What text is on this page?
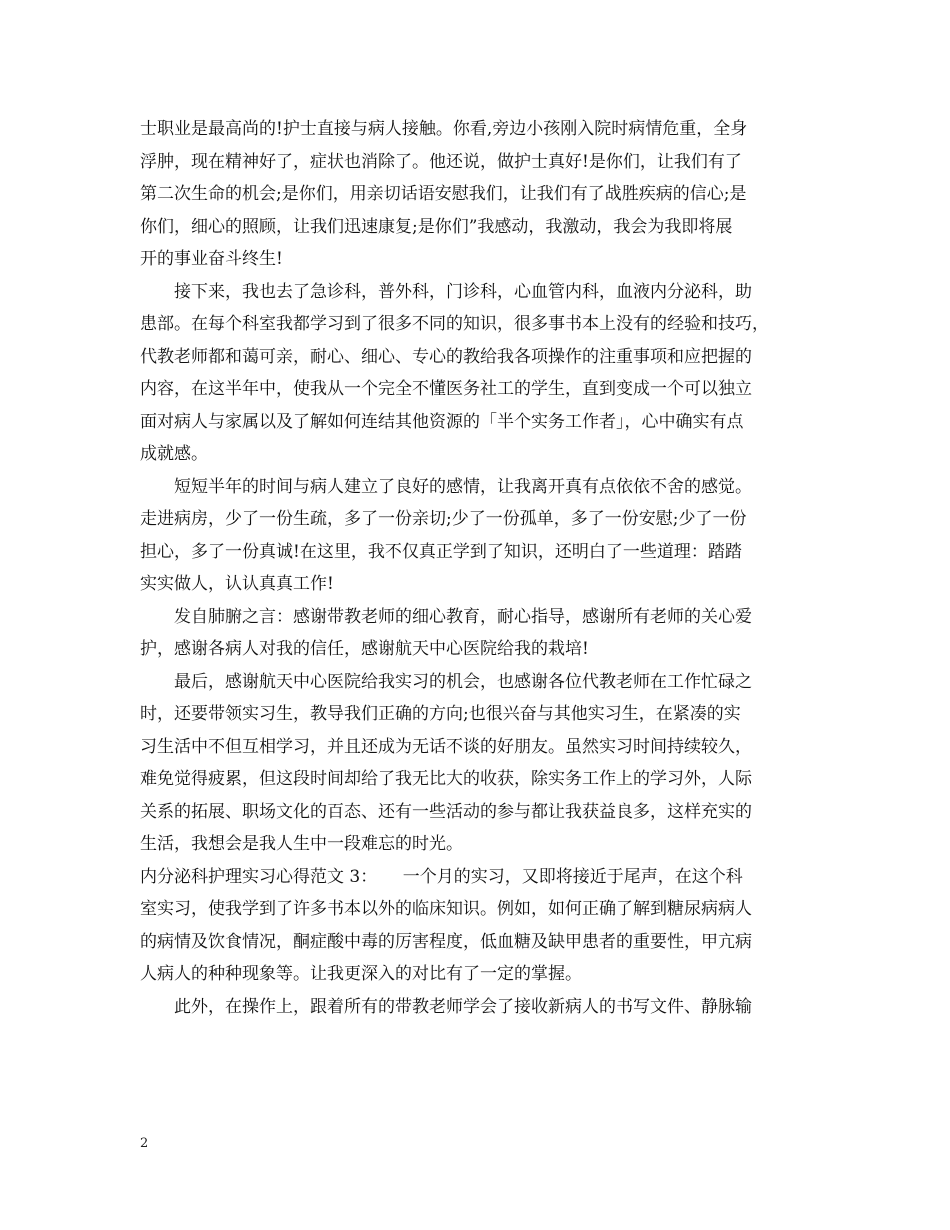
士职业是最高尚的!护士直接与病人接触。你看,旁边小孩刚入院时病情危重，全身
浮肿，现在精神好了，症状也消除了。他还说，做护士真好!是你们，让我们有了
第二次生命的机会;是你们，用亲切话语安慰我们，让我们有了战胜疾病的信心;是
你们，细心的照顾，让我们迅速康复;是你们”我感动，我激动，我会为我即将展
开的事业奋斗终生!
接下来，我也去了急诊科，普外科，门诊科，心血管内科，血液内分泌科，助
患部。在每个科室我都学习到了很多不同的知识，很多事书本上没有的经验和技巧，
代教老师都和蔼可亲，耐心、细心、专心的教给我各项操作的注重事项和应把握的
内容，在这半年中，使我从一个完全不懂医务社工的学生，直到变成一个可以独立
面对病人与家属以及了解如何连结其他资源的「半个实务工作者」，心中确实有点
成就感。
短短半年的时间与病人建立了良好的感情，让我离开真有点依依不舍的感觉。
走进病房，少了一份生疏，多了一份亲切;少了一份孤单，多了一份安慰;少了一份
担心，多了一份真诚!在这里，我不仅真正学到了知识，还明白了一些道理：踏踏
实实做人，认认真真工作!
发自肺腑之言：感谢带教老师的细心教育，耐心指导，感谢所有老师的关心爱
护，感谢各病人对我的信任，感谢航天中心医院给我的栽培!
最后，感谢航天中心医院给我实习的机会，也感谢各位代教老师在工作忙碌之
时，还要带领实习生，教导我们正确的方向;也很兴奋与其他实习生，在紧凑的实
习生活中不但互相学习，并且还成为无话不谈的好朋友。虽然实习时间持续较久，
难免觉得疲累，但这段时间却给了我无比大的收获，除实务工作上的学习外，人际
关系的拓展、职场文化的百态、还有一些活动的参与都让我获益良多，这样充实的
生活，我想会是我人生中一段难忘的时光。
内分泌科护理实习心得范文 3：　　一个月的实习，又即将接近于尾声，在这个科
室实习，使我学到了许多书本以外的临床知识。例如，如何正确了解到糖尿病病人
的病情及饮食情况，酮症酸中毒的厉害程度，低血糖及缺甲患者的重要性，甲亢病
人病人的种种现象等。让我更深入的对比有了一定的掌握。
此外，在操作上，跟着所有的带教老师学会了接收新病人的书写文件、静脉输
2
